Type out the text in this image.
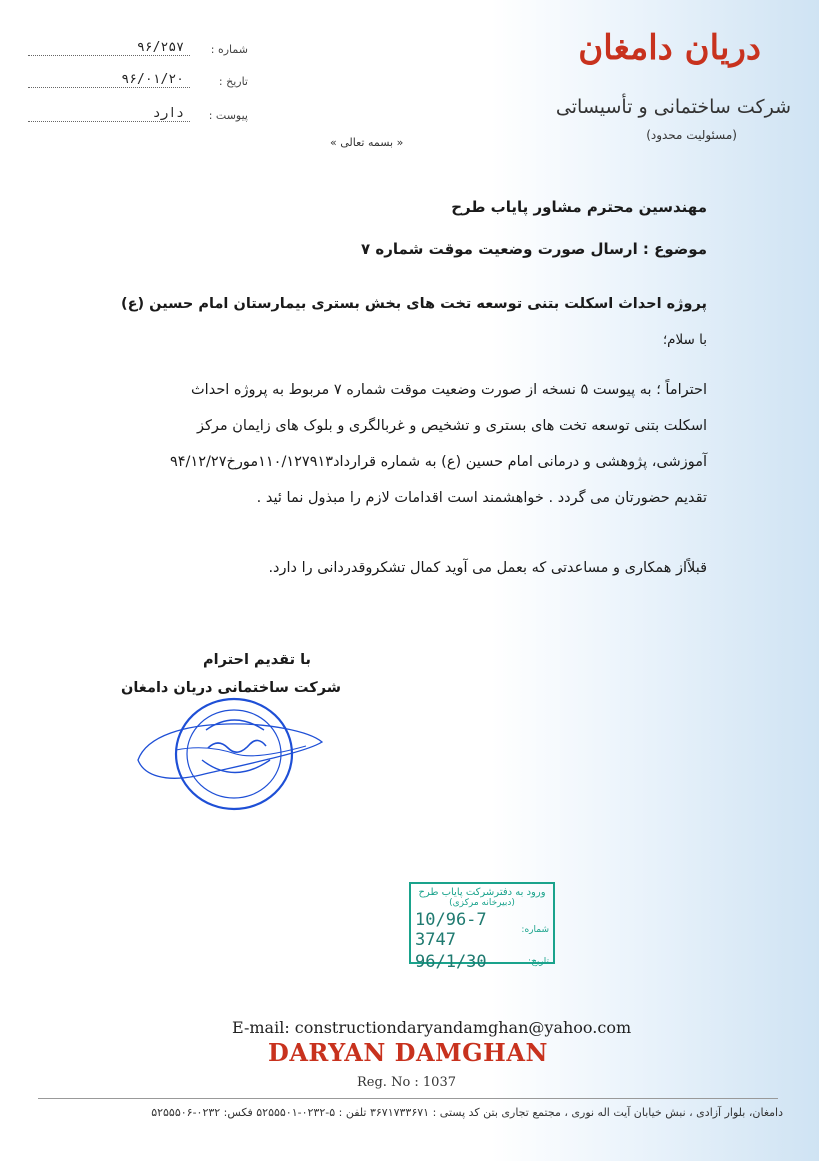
دریان دامغان
شرکت ساختمانی و تأسیساتی
(مسئولیت محدود)
شماره :
۹۶/۲۵۷
تاریخ :
۹۶/۰۱/۲۰
پیوست :
دارد
« بسمه تعالی »
مهندسین محترم مشاور پایاب طرح
موضوع : ارسال صورت وضعیت موقت شماره ۷
پروژه احداث اسکلت بتنی توسعه تخت های بخش بستری بیمارستان امام حسین (ع)
با سلام؛

احتراماً ؛ به پیوست ۵ نسخه از صورت وضعیت موقت شماره ۷ مربوط به پروژه احداث

اسکلت بتنی توسعه تخت های بستری و تشخیص و غربالگری و بلوک های زایمان مرکز

آموزشی، پژوهشی و درمانی امام حسین (ع) به شماره قرارداد۱۱۰/۱۲۷۹۱۳مورخ۹۴/۱۲/۲۷

تقدیم حضورتان می گردد . خواهشمند است اقدامات لازم را مبذول نما ئید .

قبلاًاز همکاری و مساعدتی که بعمل می آوید کمال تشکروقدردانی را دارد.
با تقدیم احترام
شرکت ساختمانی دریان دامغان
ورود به دفترشرکت پایاب طرح
(دبیرخانه مرکزی)
شماره:
10/96-7 3747
تاریخ:
96/1/30
E-mail: constructiondaryandamghan@yahoo.com
DARYAN DAMGHAN
Reg. No : 1037
دامغان، بلوار آزادی ، نبش خیابان آیت اله نوری ، مجتمع تجاری بتن کد پستی : ۳۶۷۱۷۳۳۶۷۱ تلفن : ۵-۰۲۳۲-۵۲۵۵۵۰۱ فکس: ۰۲۳۲-۵۲۵۵۵۰۶
